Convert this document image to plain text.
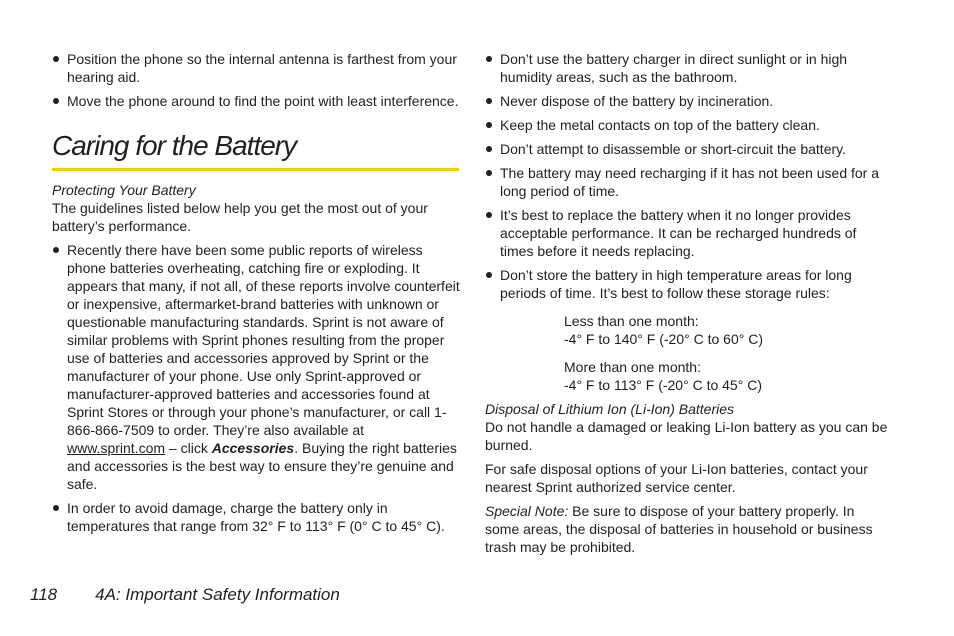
Position the phone so the internal antenna is farthest from your hearing aid.
Move the phone around to find the point with least interference.
Caring for the Battery
Protecting Your Battery

The guidelines listed below help you get the most out of your battery’s performance.

Recently there have been some public reports of wireless phone batteries overheating, catching fire or exploding. It appears that many, if not all, of these reports involve counterfeit or inexpensive, aftermarket-brand batteries with unknown or questionable manufacturing standards. Sprint is not aware of similar problems with Sprint phones resulting from the proper use of batteries and accessories approved by Sprint or the manufacturer of your phone. Use only Sprint-approved or manufacturer-approved batteries and accessories found at Sprint Stores or through your phone’s manufacturer, or call 1-866-866-7509 to order. They’re also available at www.sprint.com – click Accessories. Buying the right batteries and accessories is the best way to ensure they’re genuine and safe.
In order to avoid damage, charge the battery only in temperatures that range from 32° F to 113° F (0° C to 45° C).
Don’t use the battery charger in direct sunlight or in high humidity areas, such as the bathroom.
Never dispose of the battery by incineration.
Keep the metal contacts on top of the battery clean.
Don’t attempt to disassemble or short-circuit the battery.
The battery may need recharging if it has not been used for a long period of time.
It’s best to replace the battery when it no longer provides acceptable performance. It can be recharged hundreds of times before it needs replacing.
Don’t store the battery in high temperature areas for long periods of time. It’s best to follow these storage rules:

Less than one month:
-4° F to 140° F (-20° C to 60° C)

More than one month:
-4° F to 113° F (-20° C to 45° C)

Disposal of Lithium Ion (Li-Ion) Batteries

Do not handle a damaged or leaking Li-Ion battery as you can be burned.

For safe disposal options of your Li-Ion batteries, contact your nearest Sprint authorized service center.

Special Note: Be sure to dispose of your battery properly. In some areas, the disposal of batteries in household or business trash may be prohibited.

118 4A: Important Safety Information
